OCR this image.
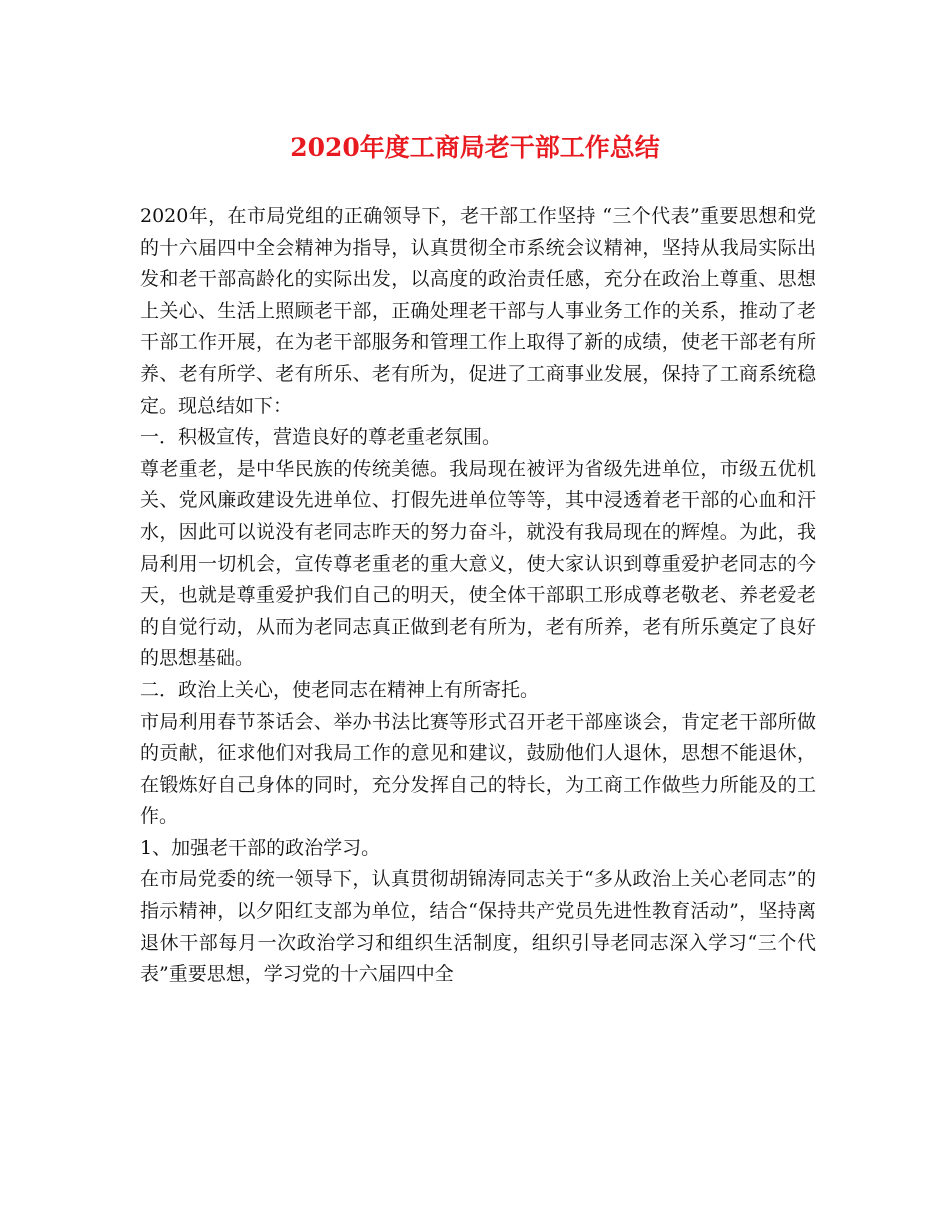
2020年度工商局老干部工作总结

2020年，在市局党组的正确领导下，老干部工作坚持 “三个代表”重要思想和党的十六届四中全会精神为指导，认真贯彻全市系统会议精神，坚持从我局实际出发和老干部高龄化的实际出发，以高度的政治责任感，充分在政治上尊重、思想上关心、生活上照顾老干部，正确处理老干部与人事业务工作的关系，推动了老干部工作开展，在为老干部服务和管理工作上取得了新的成绩，使老干部老有所养、老有所学、老有所乐、老有所为，促进了工商事业发展，保持了工商系统稳定。现总结如下：

一．积极宣传，营造良好的尊老重老氛围。

尊老重老，是中华民族的传统美德。我局现在被评为省级先进单位，市级五优机关、党风廉政建设先进单位、打假先进单位等等，其中浸透着老干部的心血和汗水，因此可以说没有老同志昨天的努力奋斗，就没有我局现在的辉煌。为此，我局利用一切机会，宣传尊老重老的重大意义，使大家认识到尊重爱护老同志的今天，也就是尊重爱护我们自己的明天，使全体干部职工形成尊老敬老、养老爱老的自觉行动，从而为老同志真正做到老有所为，老有所养，老有所乐奠定了良好的思想基础。

二．政治上关心，使老同志在精神上有所寄托。

市局利用春节茶话会、举办书法比赛等形式召开老干部座谈会，肯定老干部所做的贡献，征求他们对我局工作的意见和建议，鼓励他们人退休，思想不能退休，在锻炼好自己身体的同时，充分发挥自己的特长，为工商工作做些力所能及的工作。

1、加强老干部的政治学习。

在市局党委的统一领导下，认真贯彻胡锦涛同志关于“多从政治上关心老同志”的指示精神，以夕阳红支部为单位，结合“保持共产党员先进性教育活动”，坚持离退休干部每月一次政治学习和组织生活制度，组织引导老同志深入学习“三个代表”重要思想，学习党的十六届四中全
